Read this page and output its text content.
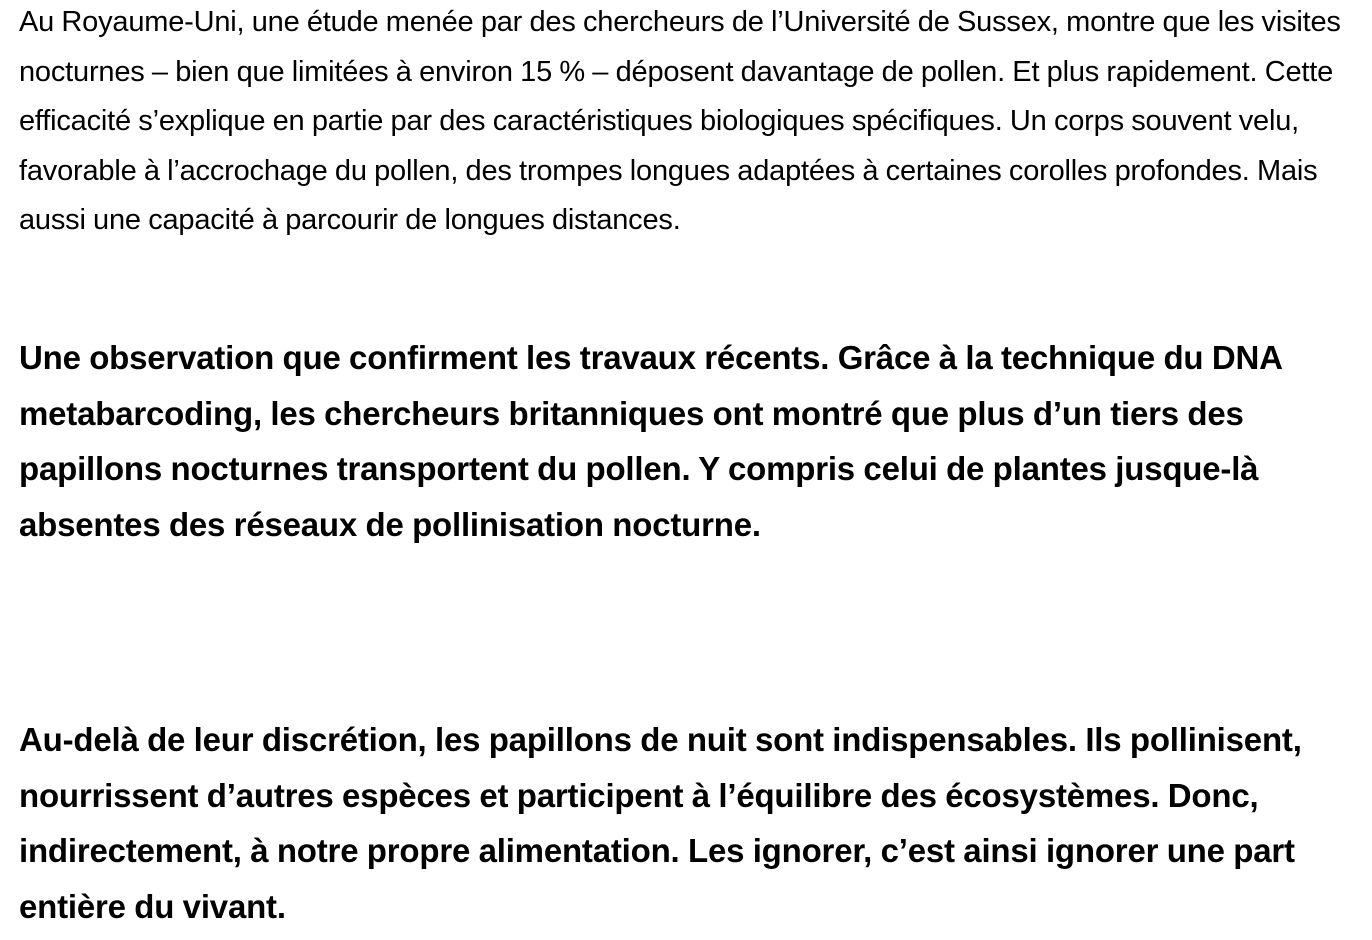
Au Royaume-Uni, une étude menée par des chercheurs de l’Université de Sussex, montre que les visites nocturnes – bien que limitées à environ 15 % – déposent davantage de pollen. Et plus rapidement. Cette efficacité s’explique en partie par des caractéristiques biologiques spécifiques. Un corps souvent velu, favorable à l’accrochage du pollen, des trompes longues adaptées à certaines corolles profondes. Mais aussi une capacité à parcourir de longues distances.

Une observation que confirment les travaux récents. Grâce à la technique du DNA metabarcoding, les chercheurs britanniques ont montré que plus d’un tiers des papillons nocturnes transportent du pollen. Y compris celui de plantes jusque-là absentes des réseaux de pollinisation nocturne.

Au-delà de leur discrétion, les papillons de nuit sont indispensables. Ils pollinisent, nourrissent d’autres espèces et participent à l’équilibre des écosystèmes. Donc, indirectement, à notre propre alimentation. Les ignorer, c’est ainsi ignorer une part entière du vivant.
